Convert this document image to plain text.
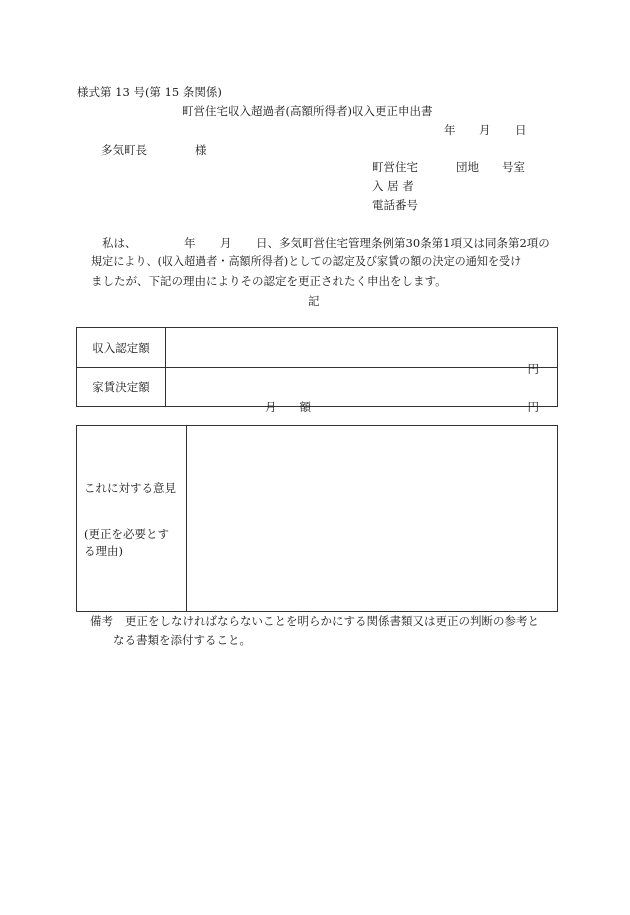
様式第 13 号(第 15 条関係)
町営住宅収入超過者(高額所得者)収入更正申出書
年 月 日
多気町長	様
町営住宅	団地 号室
入 居 者
電話番号
私は、	年 月 日、多気町営住宅管理条例第30条第1項又は同条第2項の
規定により、(収入超過者・高額所得者)としての認定及び家賃の額の決定の通知を受け
ましたが、下記の理由によりその認定を更正されたく申出をします。
記
収入認定額	円

家賃決定額	月　　額 円
これに対する意見
(更正を必要とす
る理由)

備考 更正をしなければならないことを明らかにする関係書類又は更正の判断の参考と
なる書類を添付すること。
